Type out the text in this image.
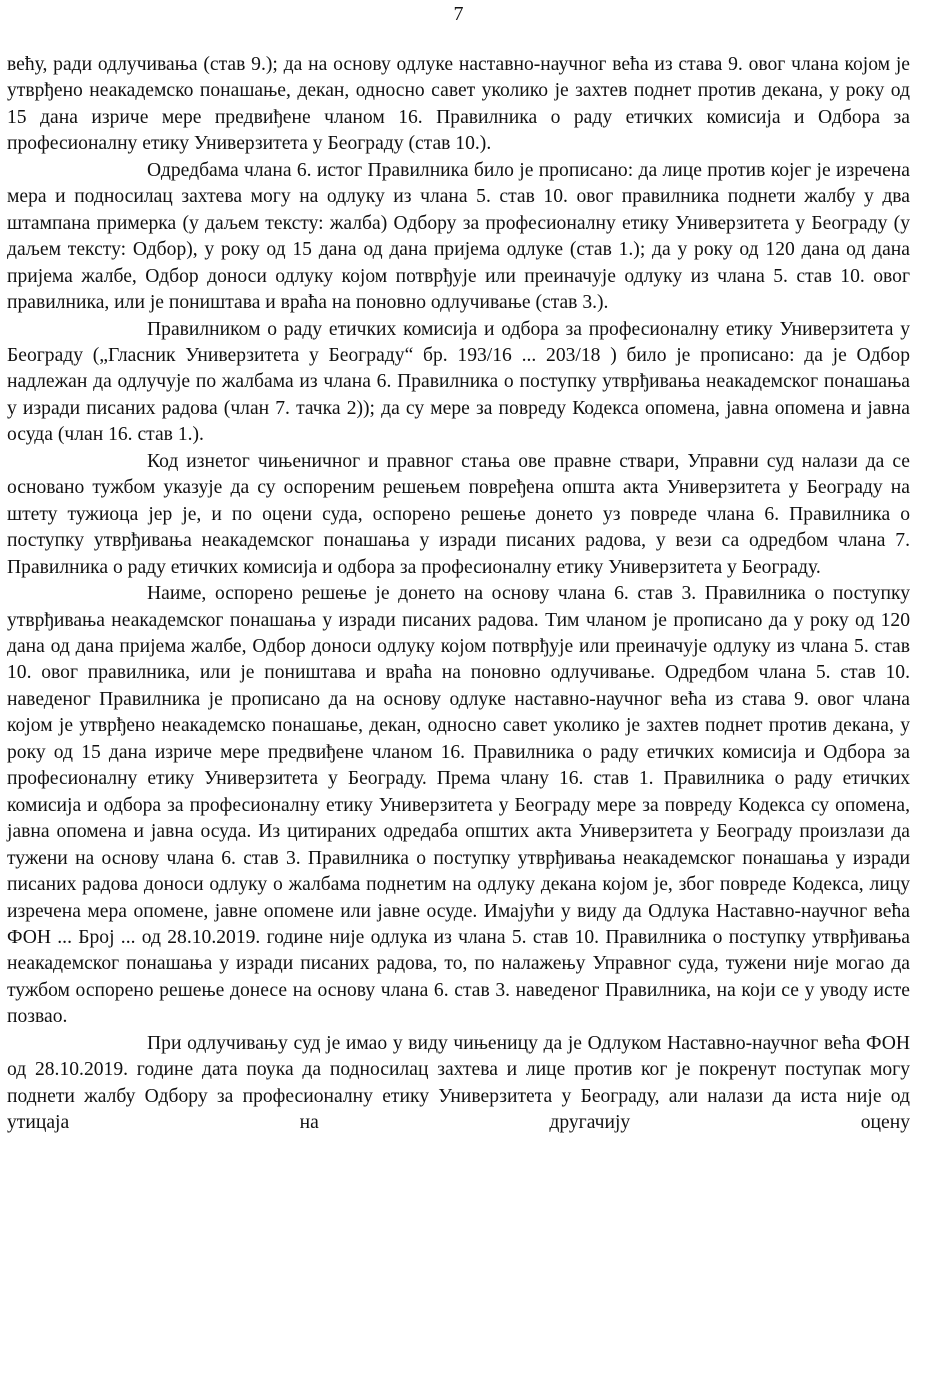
7

већу, ради одлучивања (став 9.); да на основу одлуке наставно-научног већа из става 9. овог члана којом је утврђено неакадемско понашање, декан, односно савет уколико је захтев поднет против декана, у року од 15 дана изриче мере предвиђене чланом 16. Правилника о раду етичких комисија и Одбора за професионалну етику Универзитета у Београду (став 10.).

Одредбама члана 6. истог Правилника било је прописано: да лице против којег је изречена мера и подносилац захтева могу на одлуку из члана 5. став 10. овог правилника поднети жалбу у два штампана примерка (у даљем тексту: жалба) Одбору за професионалну етику Универзитета у Београду (у даљем тексту: Одбор), у року од 15 дана од дана пријема одлуке (став 1.); да у року од 120 дана од дана пријема жалбе, Одбор доноси одлуку којом потврђује или преиначује одлуку из члана 5. став 10. овог правилника, или је поништава и враћа на поновно одлучивање (став 3.).

Правилником о раду етичких комисија и одбора за професионалну етику Универзитета у Београду („Гласник Универзитета у Београду“ бр. 193/16 ... 203/18 ) било је прописано: да је Одбор надлежан да одлучује по жалбама из члана 6. Правилника о поступку утврђивања неакадемског понашања у изради писаних радова (члан 7. тачка 2)); да су мере за повреду Кодекса опомена, јавна опомена и јавна осуда (члан 16. став 1.).

Код изнетог чињеничног и правног стања ове правне ствари, Управни суд налази да се основано тужбом указује да су оспореним решењем повређена општа акта Универзитета у Београду на штету тужиоца јер је, и по оцени суда, оспорено решење донето уз повреде члана 6. Правилника о поступку утврђивања неакадемског понашања у изради писаних радова, у вези са одредбом члана 7. Правилника о раду етичких комисија и одбора за професионалну етику Универзитета у Београду.

Наиме, оспорено решење је донето на основу члана 6. став 3. Правилника о поступку утврђивања неакадемског понашања у изради писаних радова. Тим чланом је прописано да у року од 120 дана од дана пријема жалбе, Одбор доноси одлуку којом потврђује или преиначује одлуку из члана 5. став 10. овог правилника, или је поништава и враћа на поновно одлучивање. Одредбом члана 5. став 10. наведеног Правилника је прописано да на основу одлуке наставно-научног већа из става 9. овог члана којом је утврђено неакадемско понашање, декан, односно савет уколико је захтев поднет против декана, у року од 15 дана изриче мере предвиђене чланом 16. Правилника о раду етичких комисија и Одбора за професионалну етику Универзитета у Београду. Према члану 16. став 1. Правилника о раду етичких комисија и одбора за професионалну етику Универзитета у Београду мере за повреду Кодекса су опомена, јавна опомена и јавна осуда. Из цитираних одредаба општих акта Универзитета у Београду произлази да тужени на основу члана 6. став 3. Правилника о поступку утврђивања неакадемског понашања у изради писаних радова доноси одлуку о жалбама поднетим на одлуку декана којом је, због повреде Кодекса, лицу изречена мера опомене, јавне опомене или јавне осуде. Имајући у виду да Одлука Наставно-научног већа ФОН ... Број ... од 28.10.2019. године није одлука из члана 5. став 10. Правилника о поступку утврђивања неакадемског понашања у изради писаних радова, то, по налажењу Управног суда, тужени није могао да тужбом оспорено решење донесе на основу члана 6. став 3. наведеног Правилника, на који се у уводу исте позвао.

При одлучивању суд је имао у виду чињеницу да је Одлуком Наставно-научног већа ФОН од 28.10.2019. године дата поука да подносилац захтева и лице против ког је покренут поступак могу поднети жалбу Одбору за професионалну етику Универзитета у Београду, али налази да иста није од утицаја на другачију оцену
